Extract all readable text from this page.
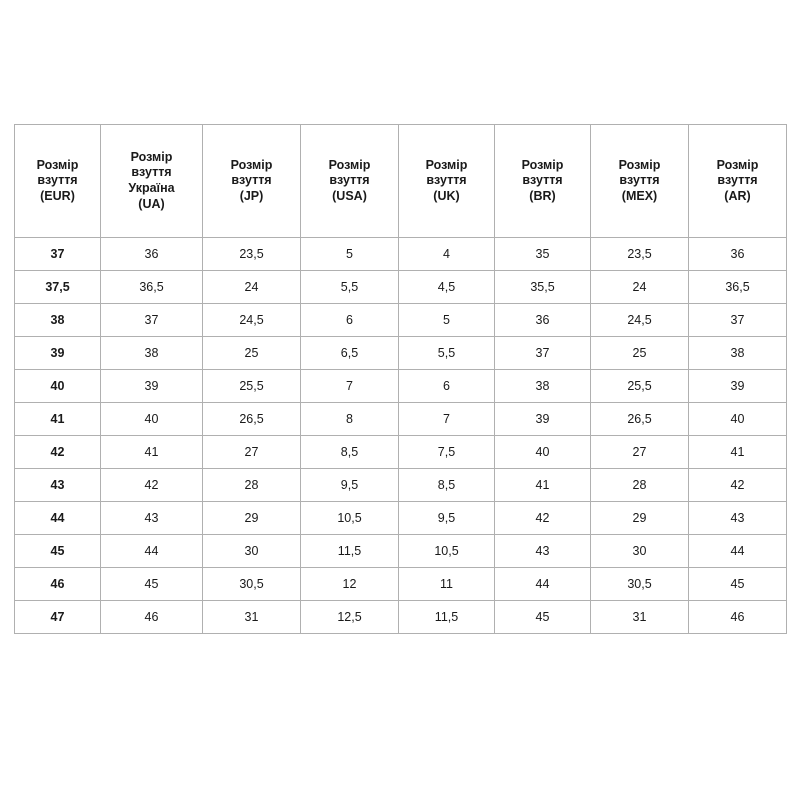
Розмір
взуття
(EUR)	Розмір
взуття
Україна
(UA)	Розмір
взуття
(JP)	Розмір
взуття
(USA)	Розмір
взуття
(UK)	Розмір
взуття
(BR)	Розмір
взуття
(MEX)	Розмір
взуття
(AR)

37	36	23,5	5	4	35	23,5	36
37,5	36,5	24	5,5	4,5	35,5	24	36,5
38	37	24,5	6	5	36	24,5	37
39	38	25	6,5	5,5	37	25	38
40	39	25,5	7	6	38	25,5	39
41	40	26,5	8	7	39	26,5	40
42	41	27	8,5	7,5	40	27	41
43	42	28	9,5	8,5	41	28	42
44	43	29	10,5	9,5	42	29	43
45	44	30	11,5	10,5	43	30	44
46	45	30,5	12	11	44	30,5	45
47	46	31	12,5	11,5	45	31	46
